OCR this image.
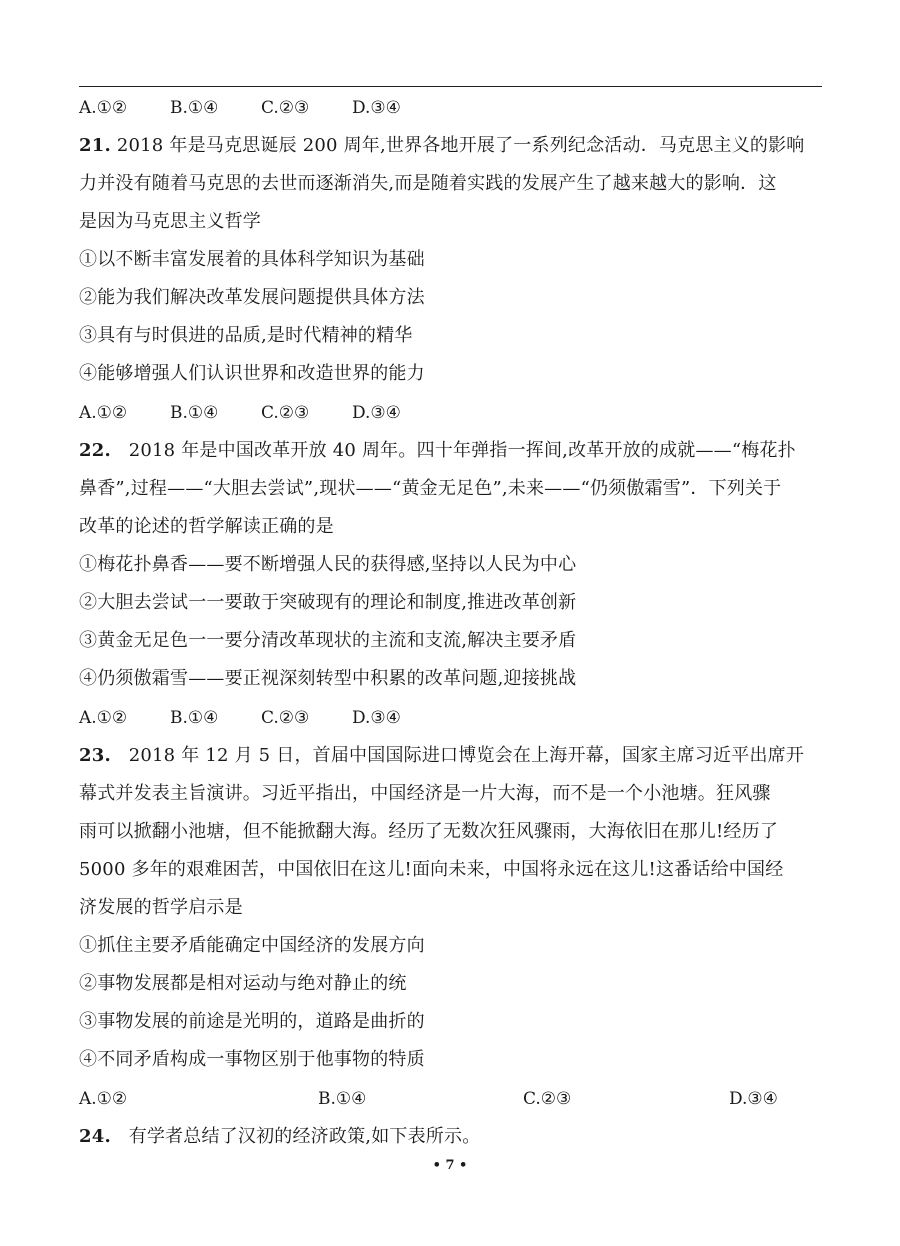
A.①②	B.①④	C.②③	D.③④
21. 2018 年是马克思诞辰 200 周年,世界各地开展了一系列纪念活动．马克思主义的影响
力并没有随着马克思的去世而逐渐消失,而是随着实践的发展产生了越来越大的影响．这
是因为马克思主义哲学
①以不断丰富发展着的具体科学知识为基础
②能为我们解决改革发展问题提供具体方法
③具有与时俱进的品质,是时代精神的精华
④能够增强人们认识世界和改造世界的能力
A.①②	B.①④	C.②③	D.③④
22. 2018 年是中国改革开放 40 周年。四十年弹指一挥间,改革开放的成就——“梅花扑
鼻香”,过程——“大胆去尝试”,现状——“黄金无足色”,未来——“仍须傲霜雪”．下列关于
改革的论述的哲学解读正确的是
①梅花扑鼻香——要不断增强人民的获得感,坚持以人民为中心
②大胆去尝试一一要敢于突破现有的理论和制度,推进改革创新
③黄金无足色一一要分清改革现状的主流和支流,解决主要矛盾
④仍须傲霜雪——要正视深刻转型中积累的改革问题,迎接挑战
A.①②	B.①④	C.②③	D.③④
23. 2018 年 12 月 5 日，首届中国国际进口博览会在上海开幕，国家主席习近平出席开
幕式并发表主旨演讲。习近平指出，中国经济是一片大海，而不是一个小池塘。狂风骤
雨可以掀翻小池塘，但不能掀翻大海。经历了无数次狂风骤雨，大海依旧在那儿!经历了
5000 多年的艰难困苦，中国依旧在这儿!面向未来，中国将永远在这儿!这番话给中国经
济发展的哲学启示是
①抓住主要矛盾能确定中国经济的发展方向
②事物发展都是相对运动与绝对静止的统
③事物发展的前途是光明的，道路是曲折的
④不同矛盾构成一事物区别于他事物的特质
A.①②	B.①④	C.②③	D.③④
24. 有学者总结了汉初的经济政策,如下表所示。
• 7 •
